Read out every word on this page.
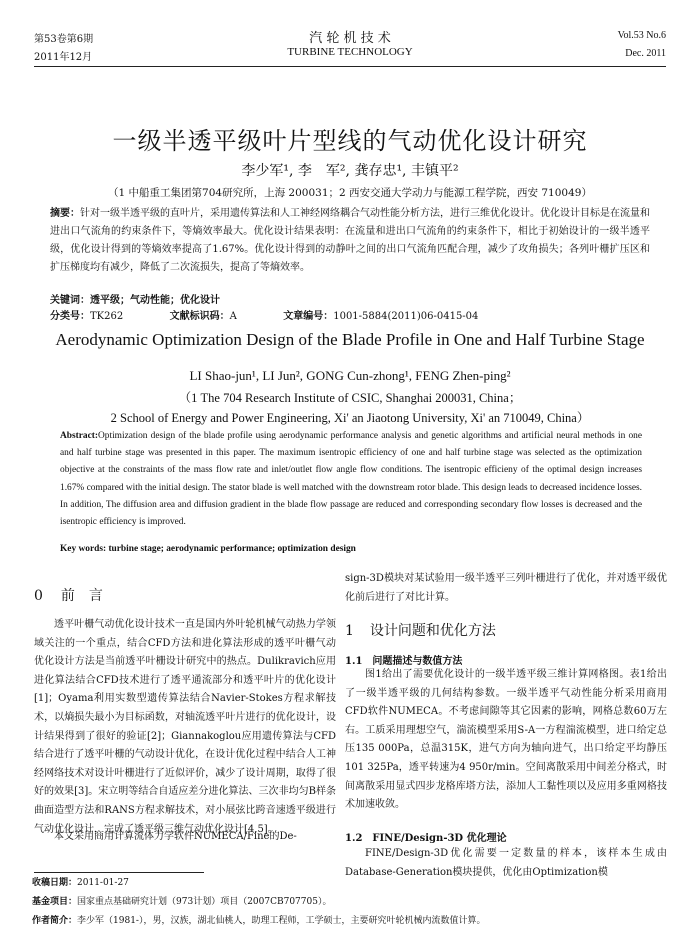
第53卷第6期
2011年12月
汽 轮 机 技 术
TURBINE TECHNOLOGY
Vol.53 No.6
Dec. 2011
一级半透平级叶片型线的气动优化设计研究
李少军¹, 李　军², 龚存忠¹, 丰镇平²
（1 中船重工集团第704研究所，上海 200031；2 西安交通大学动力与能源工程学院，西安 710049）
摘要：针对一级半透平级的直叶片，采用遗传算法和人工神经网络耦合气动性能分析方法，进行三维优化设计。优化设计目标是在流量和进出口气流角的约束条件下，等熵效率最大。优化设计结果表明：在流量和进出口气流角的约束条件下，相比于初始设计的一级半透平级，优化设计得到的等熵效率提高了1.67%。优化设计得到的动静叶之间的出口气流角匹配合理，减少了攻角损失；各列叶栅扩压区和扩压梯度均有减少，降低了二次流损失，提高了等熵效率。
关键词：透平级；气动性能；优化设计
分类号：TK262	文献标识码：A	文章编号：1001-5884(2011)06-0415-04
Aerodynamic Optimization Design of the Blade Profile in One and Half Turbine Stage
LI Shao-jun¹, LI Jun², GONG Cun-zhong¹, FENG Zhen-ping²
（1 The 704 Research Institute of CSIC, Shanghai 200031, China；
2 School of Energy and Power Engineering, Xi' an Jiaotong University, Xi' an 710049, China）
Abstract:Optimization design of the blade profile using aerodynamic performance analysis and genetic algorithms and artificial neural methods in one and half turbine stage was presented in this paper. The maximum isentropic efficiency of one and half turbine stage was selected as the optimization objective at the constraints of the mass flow rate and inlet/outlet flow angle flow conditions. The isentropic efficieny of the optimal design increases 1.67% compared with the initial design. The stator blade is well matched with the downstream rotor blade. This design leads to decreased incidence losses. In addition, The diffusion area and diffusion gradient in the blade flow passage are reduced and corresponding secondary flow losses is decreased and the isentropic efficiency is improved.
Key words: turbine stage; aerodynamic performance; optimization design
0 前　言
透平叶栅气动优化设计技术一直是国内外叶轮机械气动热力学领域关注的一个重点，结合CFD方法和进化算法形成的透平叶栅气动优化设计方法是当前透平叶栅设计研究中的热点。Dulikravich应用进化算法结合CFD技术进行了透平通流部分和透平叶片的优化设计[1]；Oyama利用实数型遗传算法结合Navier-Stokes方程求解技术，以熵损失最小为目标函数，对轴流透平叶片进行的优化设计，设计结果得到了很好的验证[2]；Giannakoglou应用遗传算法与CFD结合进行了透平叶栅的气动设计优化，在设计优化过程中结合人工神经网络技术对设计叶栅进行了近似评价，减少了设计周期，取得了很好的效果[3]。宋立明等结合自适应差分进化算法、三次非均匀B样条曲面造型方法和RANS方程求解技术，对小展弦比跨音速透平级进行气动优化设计，完成了透平级三维气动优化设计[4,5]。
本文采用商用计算流体力学软件NUMECA/Fine的De-
sign-3D模块对某试验用一级半透平三列叶栅进行了优化，并对透平级优化前后进行了对比计算。
1 设计问题和优化方法
1.1 问题描述与数值方法
图1给出了需要优化设计的一级半透平级三维计算网格图。表1给出了一级半透平级的几何结构参数。一级半透平气动性能分析采用商用CFD软件NUMECA。不考虑间隙等其它因素的影响，网格总数60万左右。工质采用理想空气，湍流模型采用S-A一方程湍流模型，进口给定总压135 000Pa，总温315K，进气方向为轴向进气，出口给定平均静压101 325Pa，透平转速为4 950r/min。空间离散采用中间差分格式，时间离散采用显式四步龙格库塔方法，添加人工黏性项以及应用多重网格技术加速收敛。
1.2 FINE/Design-3D 优化理论
FINE/Design-3D优化需要一定数量的样本，该样本生成由Database-Generation模块提供，优化由Optimization模
收稿日期：2011-01-27
基金项目：国家重点基础研究计划（973计划）项目（2007CB707705）。
作者简介：李少军（1981-），男，汉族，湖北仙桃人，助理工程师，工学硕士，主要研究叶轮机械内流数值计算。
